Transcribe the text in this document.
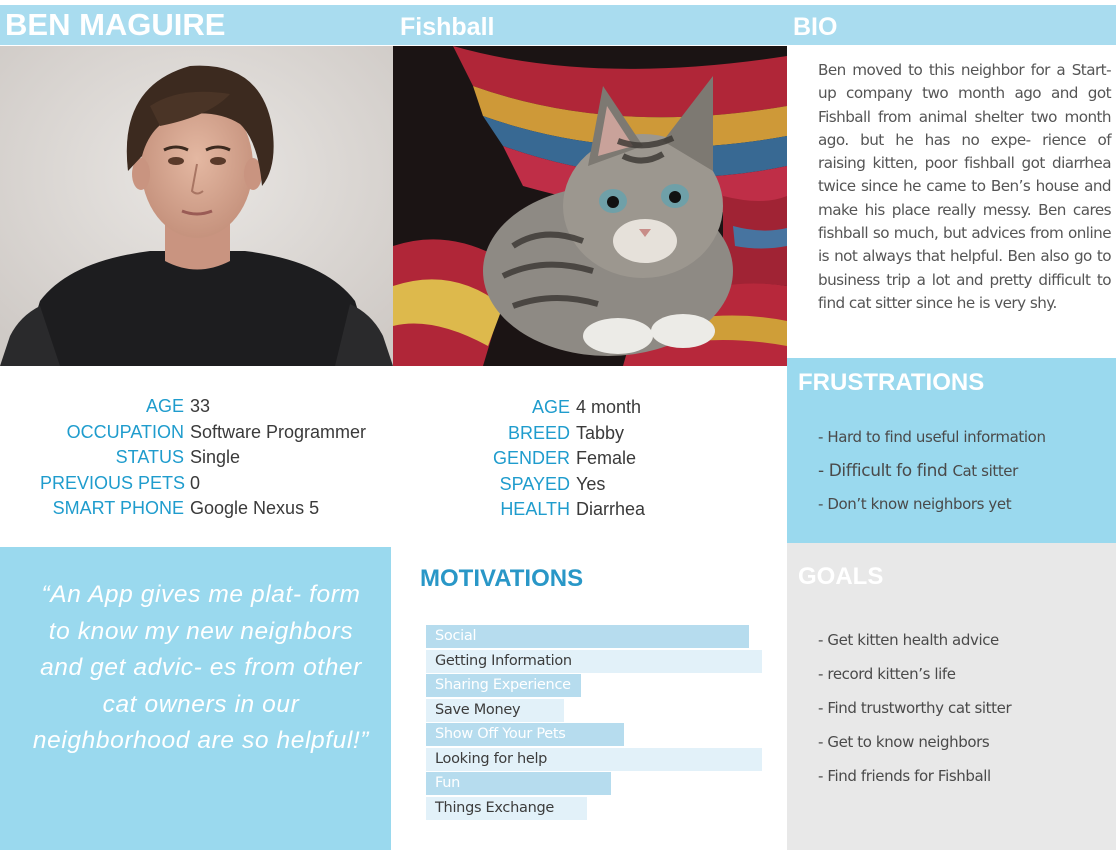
BEN MAGUIRE	Fishball	BIO
AGE 33
OCCUPATION Software Programmer
STATUS Single
PREVIOUS PETS 0
SMART PHONE Google Nexus 5
AGE 4 month
BREED Tabby
GENDER Female
SPAYED Yes
HEALTH Diarrhea
Ben moved to this neighbor for a Start-up company two month ago and got Fishball from animal shelter two month ago. but he has no expe- rience of raising kitten, poor fishball got diarrhea twice since he came to Ben’s house and make his place really messy. Ben cares fishball so much, but advices from online is not always that helpful. Ben also go to business trip a lot and pretty difficult to find cat sitter since he is very shy.
FRUSTRATIONS
- Hard to find useful information
- Difficult fo find Cat sitter
- Don’t know neighbors yet
GOALS
- Get kitten health advice
- record kitten’s life
- Find trustworthy cat sitter
- Get to know neighbors
- Find friends for Fishball
“An App gives me plat- form to know my new neighbors and get advic- es from other cat owners in our neighborhood are so helpful!”
MOTIVATIONS
Social
Getting Information
Sharing Experience
Save Money
Show Off Your Pets
Looking for help
Fun
Things Exchange
